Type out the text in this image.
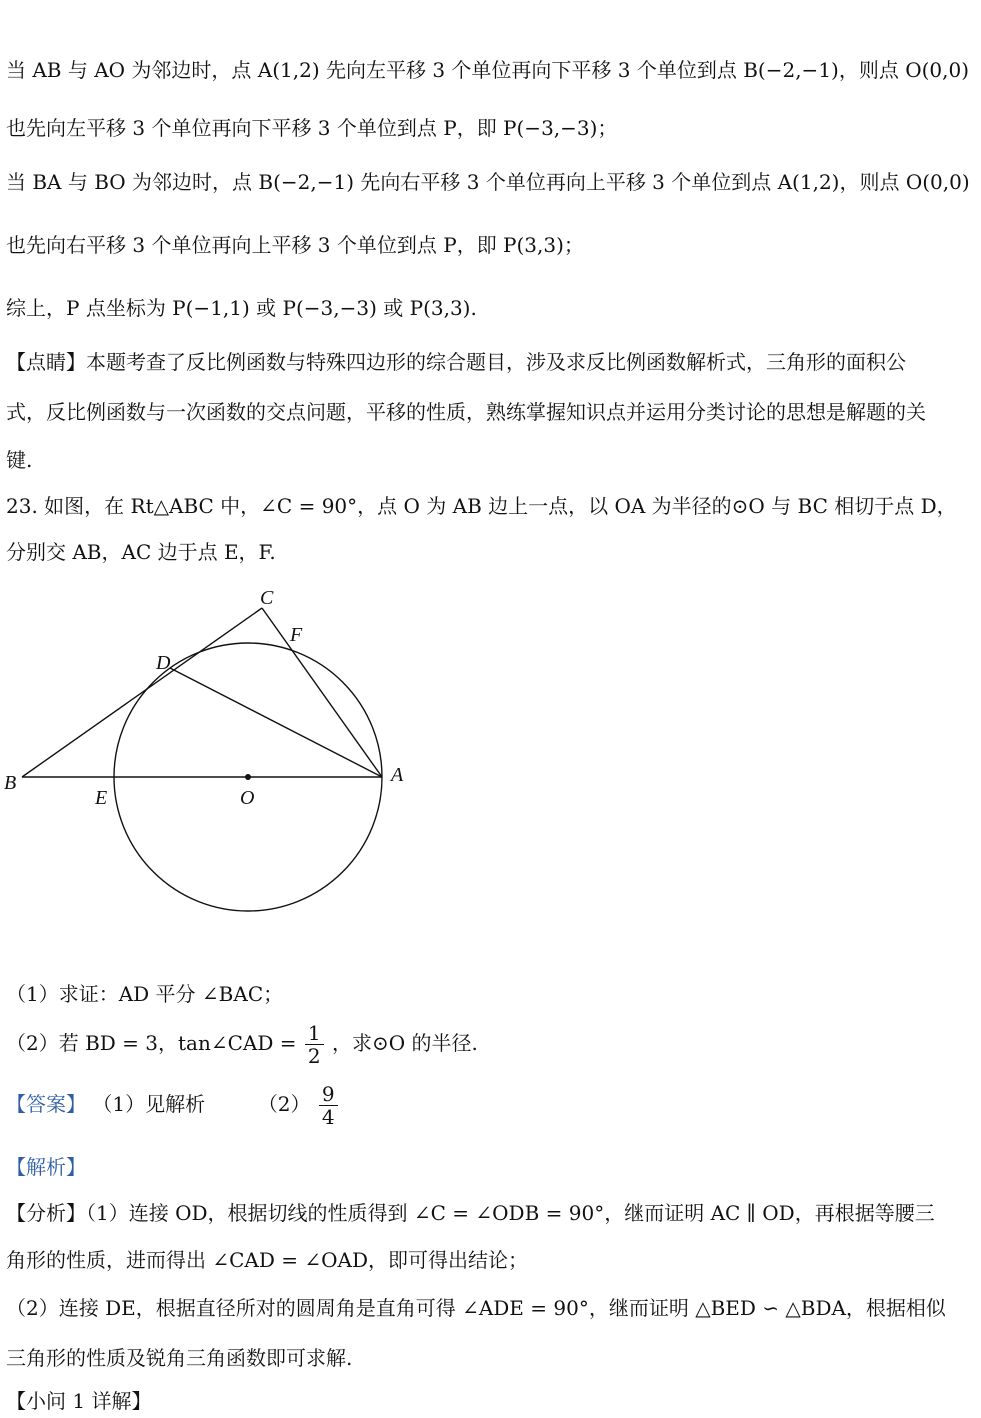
当 AB 与 AO 为邻边时，点 A(1,2) 先向左平移 3 个单位再向下平移 3 个单位到点 B(−2,−1)，则点 O(0,0)
也先向左平移 3 个单位再向下平移 3 个单位到点 P，即 P(−3,−3)；
当 BA 与 BO 为邻边时，点 B(−2,−1) 先向右平移 3 个单位再向上平移 3 个单位到点 A(1,2)，则点 O(0,0)
也先向右平移 3 个单位再向上平移 3 个单位到点 P，即 P(3,3)；
综上，P 点坐标为 P(−1,1) 或 P(−3,−3) 或 P(3,3).
【点睛】本题考查了反比例函数与特殊四边形的综合题目，涉及求反比例函数解析式，三角形的面积公
式，反比例函数与一次函数的交点问题，平移的性质，熟练掌握知识点并运用分类讨论的思想是解题的关
键.
23. 如图，在 Rt△ABC 中，∠C = 90°，点 O 为 AB 边上一点，以 OA 为半径的⊙O 与 BC 相切于点 D，
分别交 AB，AC 边于点 E，F.
C
F
D
B	A
E	O
（1）求证：AD 平分 ∠BAC；
（2）若 BD = 3，tan∠CAD = $\frac{1}{2}$ ，求⊙O 的半径.
【答案】 （1）见解析	$(2) \frac{9}{4}$
【解析】
【分析】（1）连接 OD，根据切线的性质得到 ∠C = ∠ODB = 90°，继而证明 AC ∥ OD，再根据等腰三
角形的性质，进而得出 ∠CAD = ∠OAD，即可得出结论；
（2）连接 DE，根据直径所对的圆周角是直角可得 ∠ADE = 90°，继而证明 △BED ∽ △BDA，根据相似
三角形的性质及锐角三角函数即可求解.
【小问 1 详解】
